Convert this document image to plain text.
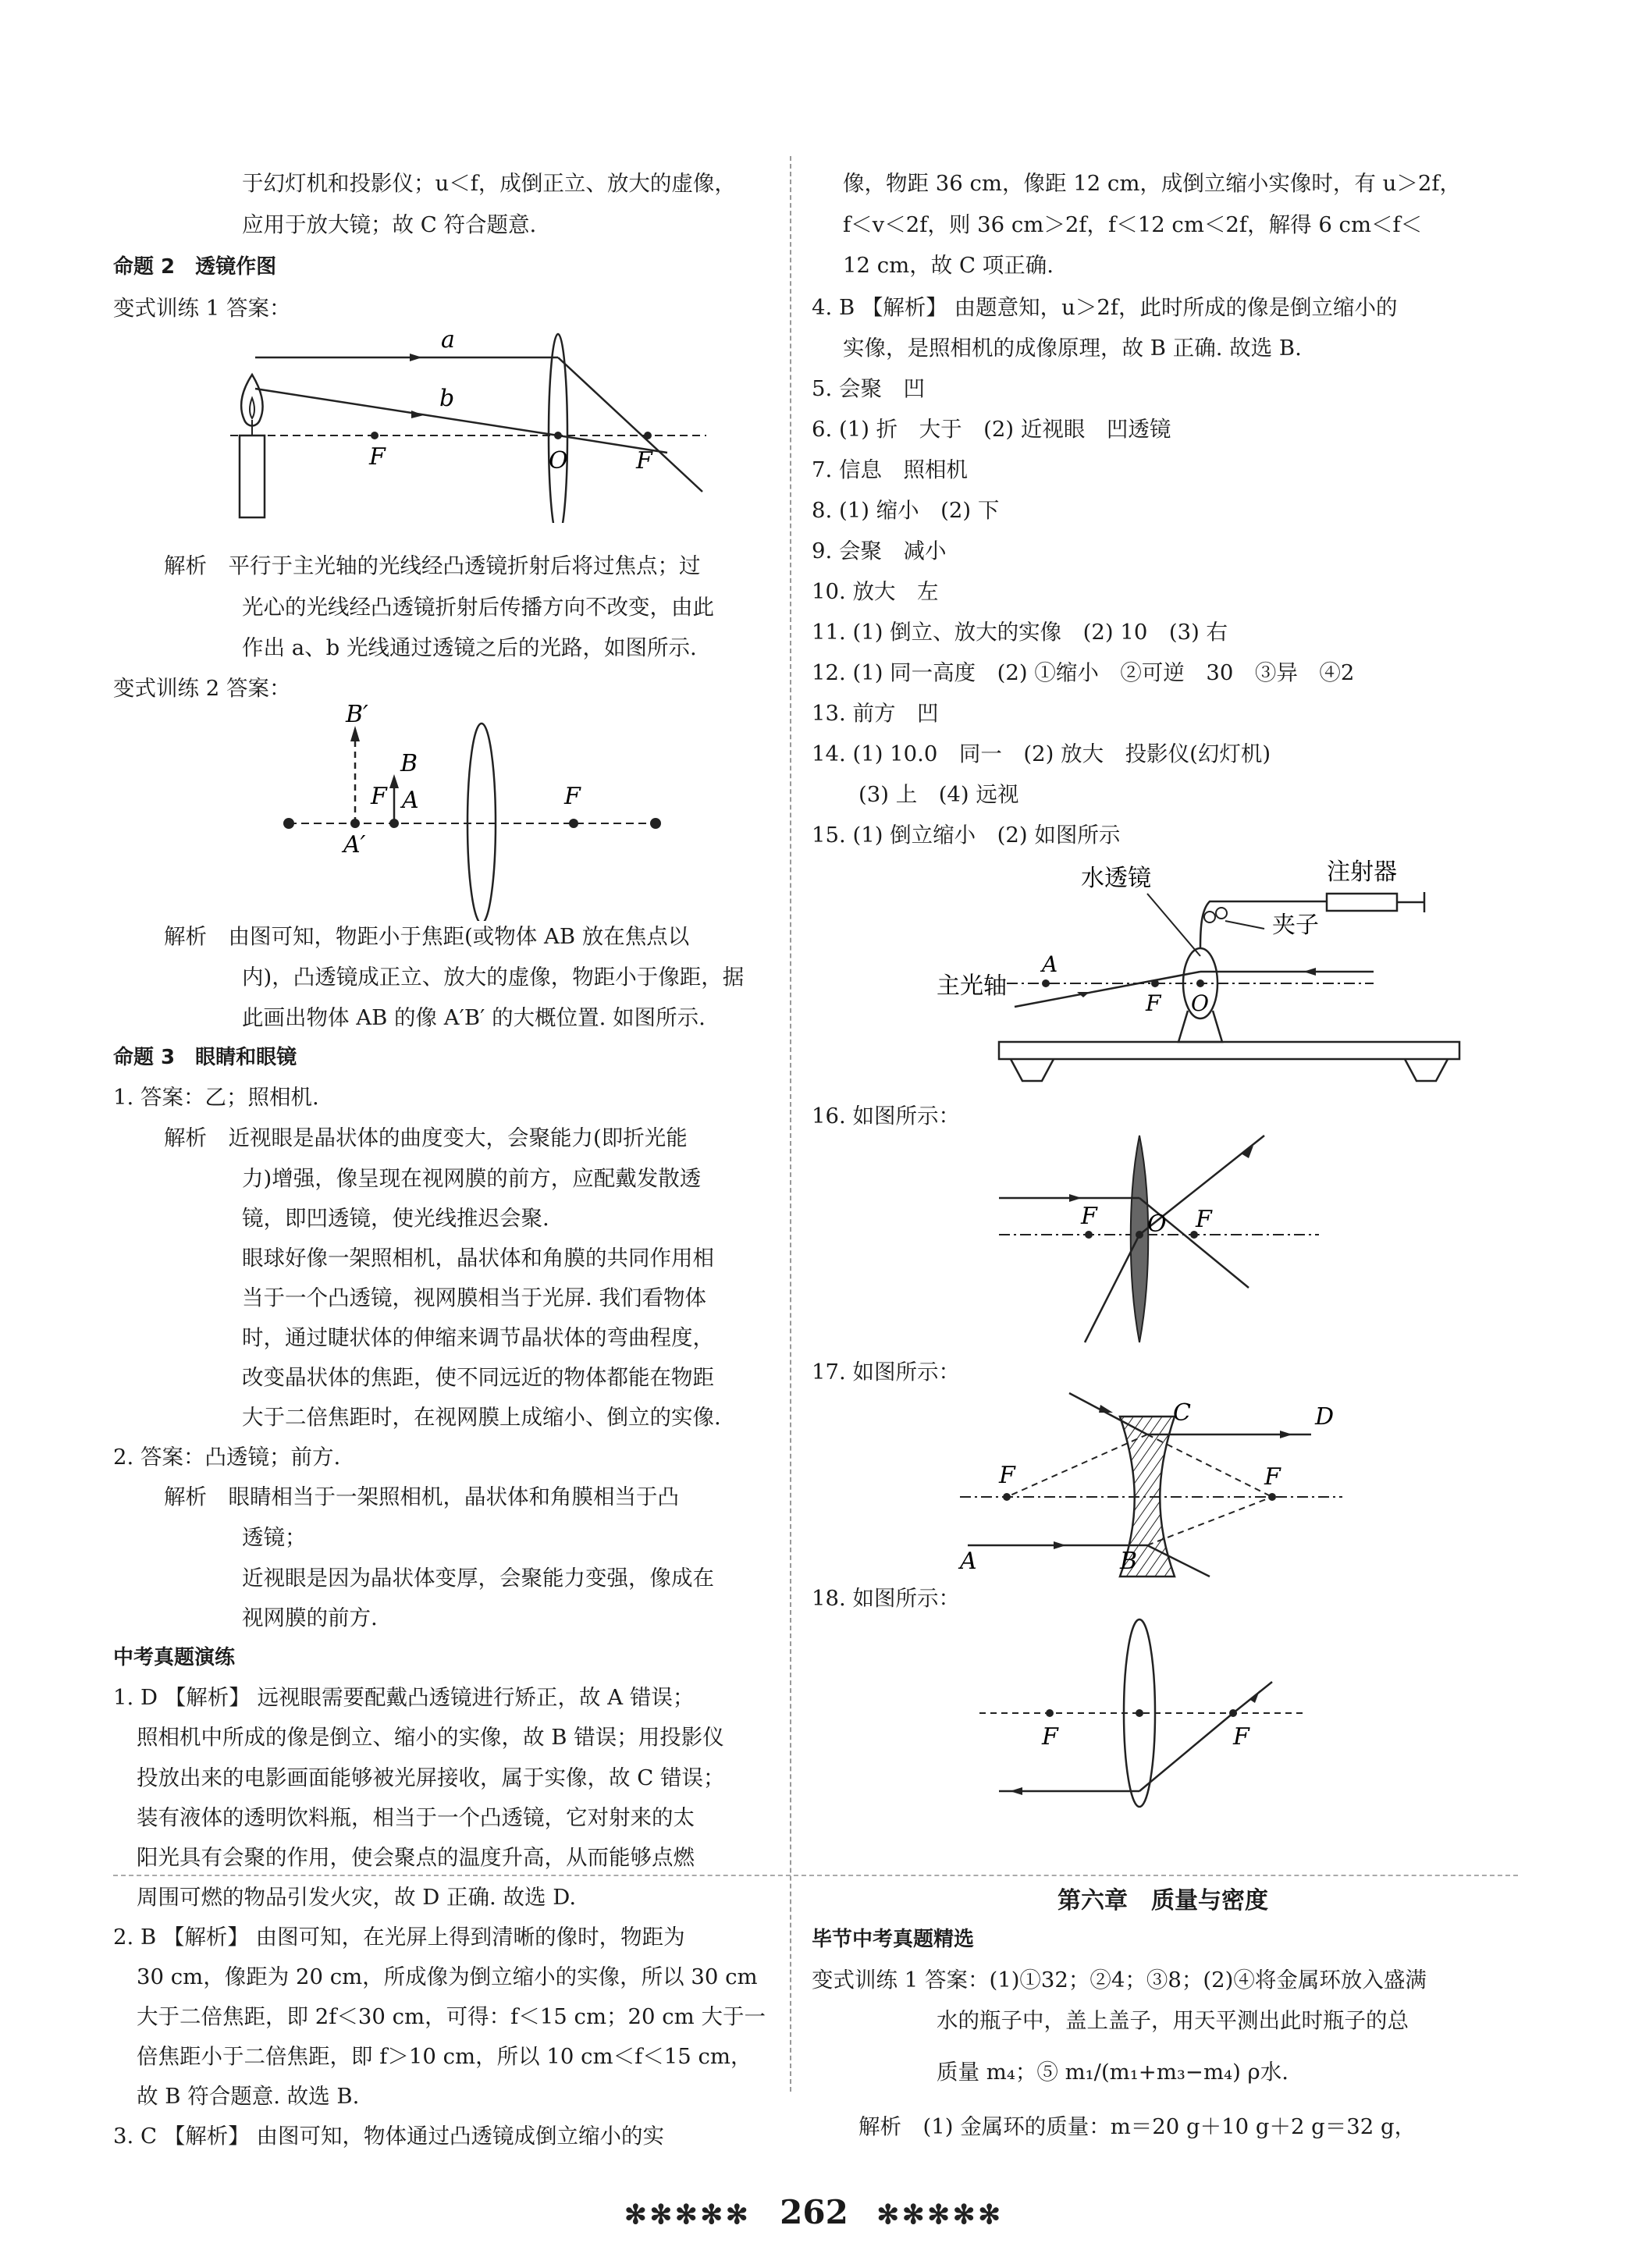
于幻灯机和投影仪；u＜f，成倒正立、放大的虚像，
应用于放大镜；故 C 符合题意.
命题 2　透镜作图
变式训练 1 答案：
a
b
F	O	F
解析　平行于主光轴的光线经凸透镜折射后将过焦点；过
光心的光线经凸透镜折射后传播方向不改变，由此
作出 a、b 光线通过透镜之后的光路，如图所示.
变式训练 2 答案：
B′
B
F A
A′
F
解析　由图可知，物距小于焦距(或物体 AB 放在焦点以
内)，凸透镜成正立、放大的虚像，物距小于像距，据
此画出物体 AB 的像 A′B′ 的大概位置. 如图所示.
命题 3　眼睛和眼镜
1. 答案：乙；照相机.
解析　近视眼是晶状体的曲度变大，会聚能力(即折光能
力)增强，像呈现在视网膜的前方，应配戴发散透
镜，即凹透镜，使光线推迟会聚.
眼球好像一架照相机，晶状体和角膜的共同作用相
当于一个凸透镜，视网膜相当于光屏. 我们看物体
时，通过睫状体的伸缩来调节晶状体的弯曲程度，
改变晶状体的焦距，使不同远近的物体都能在物距
大于二倍焦距时，在视网膜上成缩小、倒立的实像.
2. 答案：凸透镜；前方.
解析　眼睛相当于一架照相机，晶状体和角膜相当于凸
透镜；
近视眼是因为晶状体变厚，会聚能力变强，像成在
视网膜的前方.
中考真题演练
1. D 【解析】 远视眼需要配戴凸透镜进行矫正，故 A 错误；
照相机中所成的像是倒立、缩小的实像，故 B 错误；用投影仪
投放出来的电影画面能够被光屏接收，属于实像，故 C 错误；
装有液体的透明饮料瓶，相当于一个凸透镜，它对射来的太
阳光具有会聚的作用，使会聚点的温度升高，从而能够点燃
周围可燃的物品引发火灾，故 D 正确. 故选 D.
2. B 【解析】 由图可知，在光屏上得到清晰的像时，物距为
30 cm，像距为 20 cm，所成像为倒立缩小的实像，所以 30 cm
大于二倍焦距，即 2f＜30 cm，可得：f＜15 cm；20 cm 大于一
倍焦距小于二倍焦距，即 f＞10 cm，所以 10 cm＜f＜15 cm，
故 B 符合题意. 故选 B.
3. C 【解析】 由图可知，物体通过凸透镜成倒立缩小的实
像，物距 36 cm，像距 12 cm，成倒立缩小实像时，有 u＞2f，
f＜v＜2f，则 36 cm＞2f，f＜12 cm＜2f，解得 6 cm＜f＜
12 cm，故 C 项正确.
4. B 【解析】 由题意知，u＞2f，此时所成的像是倒立缩小的
实像，是照相机的成像原理，故 B 正确. 故选 B.
5. 会聚　凹
6. (1) 折　大于　(2) 近视眼　凹透镜
7. 信息　照相机
8. (1) 缩小　(2) 下
9. 会聚　减小
10. 放大　左
11. (1) 倒立、放大的实像　(2) 10　(3) 右
12. (1) 同一高度　(2) ①缩小　②可逆　30　③异　④2
13. 前方　凹
14. (1) 10.0　同一　(2) 放大　投影仪(幻灯机)
(3) 上　(4) 远视
15. (1) 倒立缩小　(2) 如图所示
水透镜	注射器
夹子
主光轴
A
F O
16. 如图所示：
F O F
17. 如图所示：
C	D
F	F
A	B
18. 如图所示：
F	F
第六章　质量与密度
毕节中考真题精选
变式训练 1 答案：(1)①32；②4；③8；(2)④将金属环放入盛满
水的瓶子中，盖上盖子，用天平测出此时瓶子的总
质量 m₄；⑤ m₁/(m₁+m₃−m₄) ρ水.
解析　(1) 金属环的质量：m＝20 g＋10 g＋2 g＝32 g，
✻✻✻✻✻ 262 ✻✻✻✻✻
